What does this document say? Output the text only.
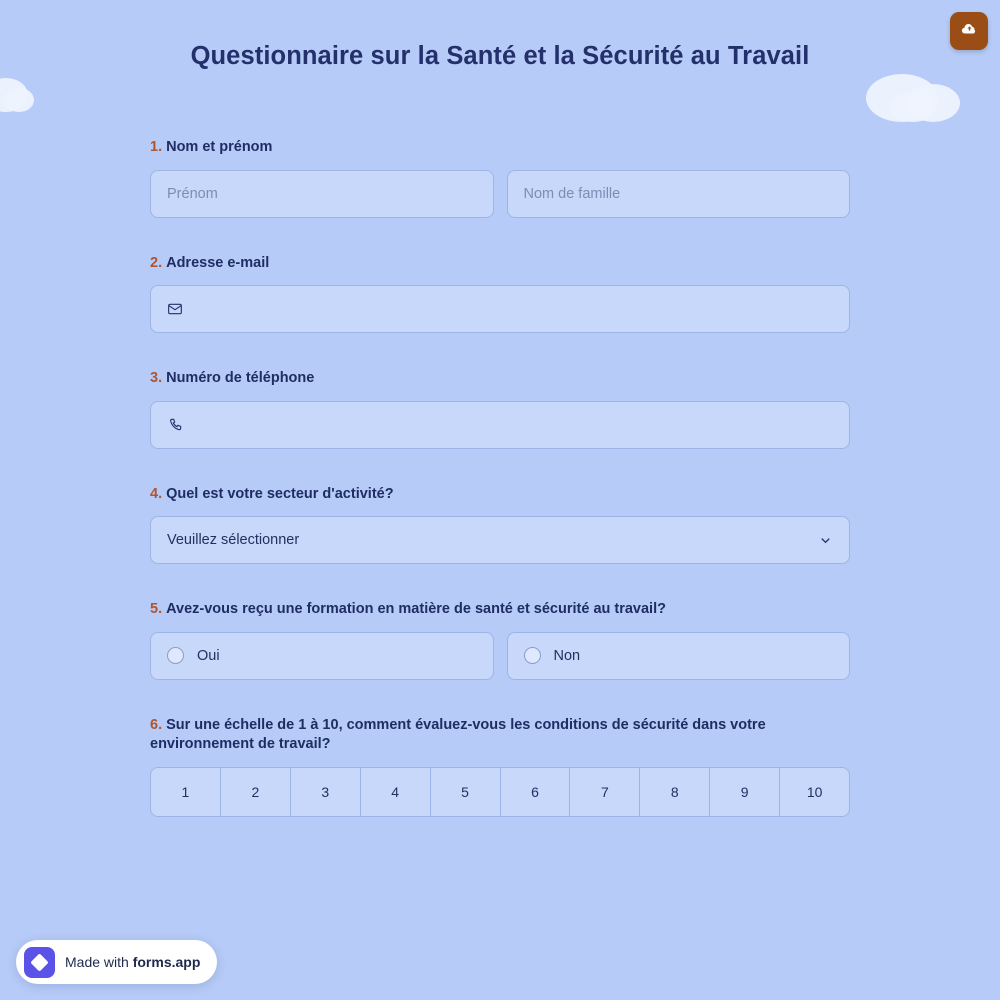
Questionnaire sur la Santé et la Sécurité au Travail
1. Nom et prénom
Prénom	Nom de famille
2. Adresse e-mail
3. Numéro de téléphone
4. Quel est votre secteur d'activité?
Veuillez sélectionner
5. Avez-vous reçu une formation en matière de santé et sécurité au travail?
Oui	Non
6. Sur une échelle de 1 à 10, comment évaluez-vous les conditions de sécurité dans votre environnement de travail?
1	2	3	4	5	6	7	8	9	10
Made with forms.app
